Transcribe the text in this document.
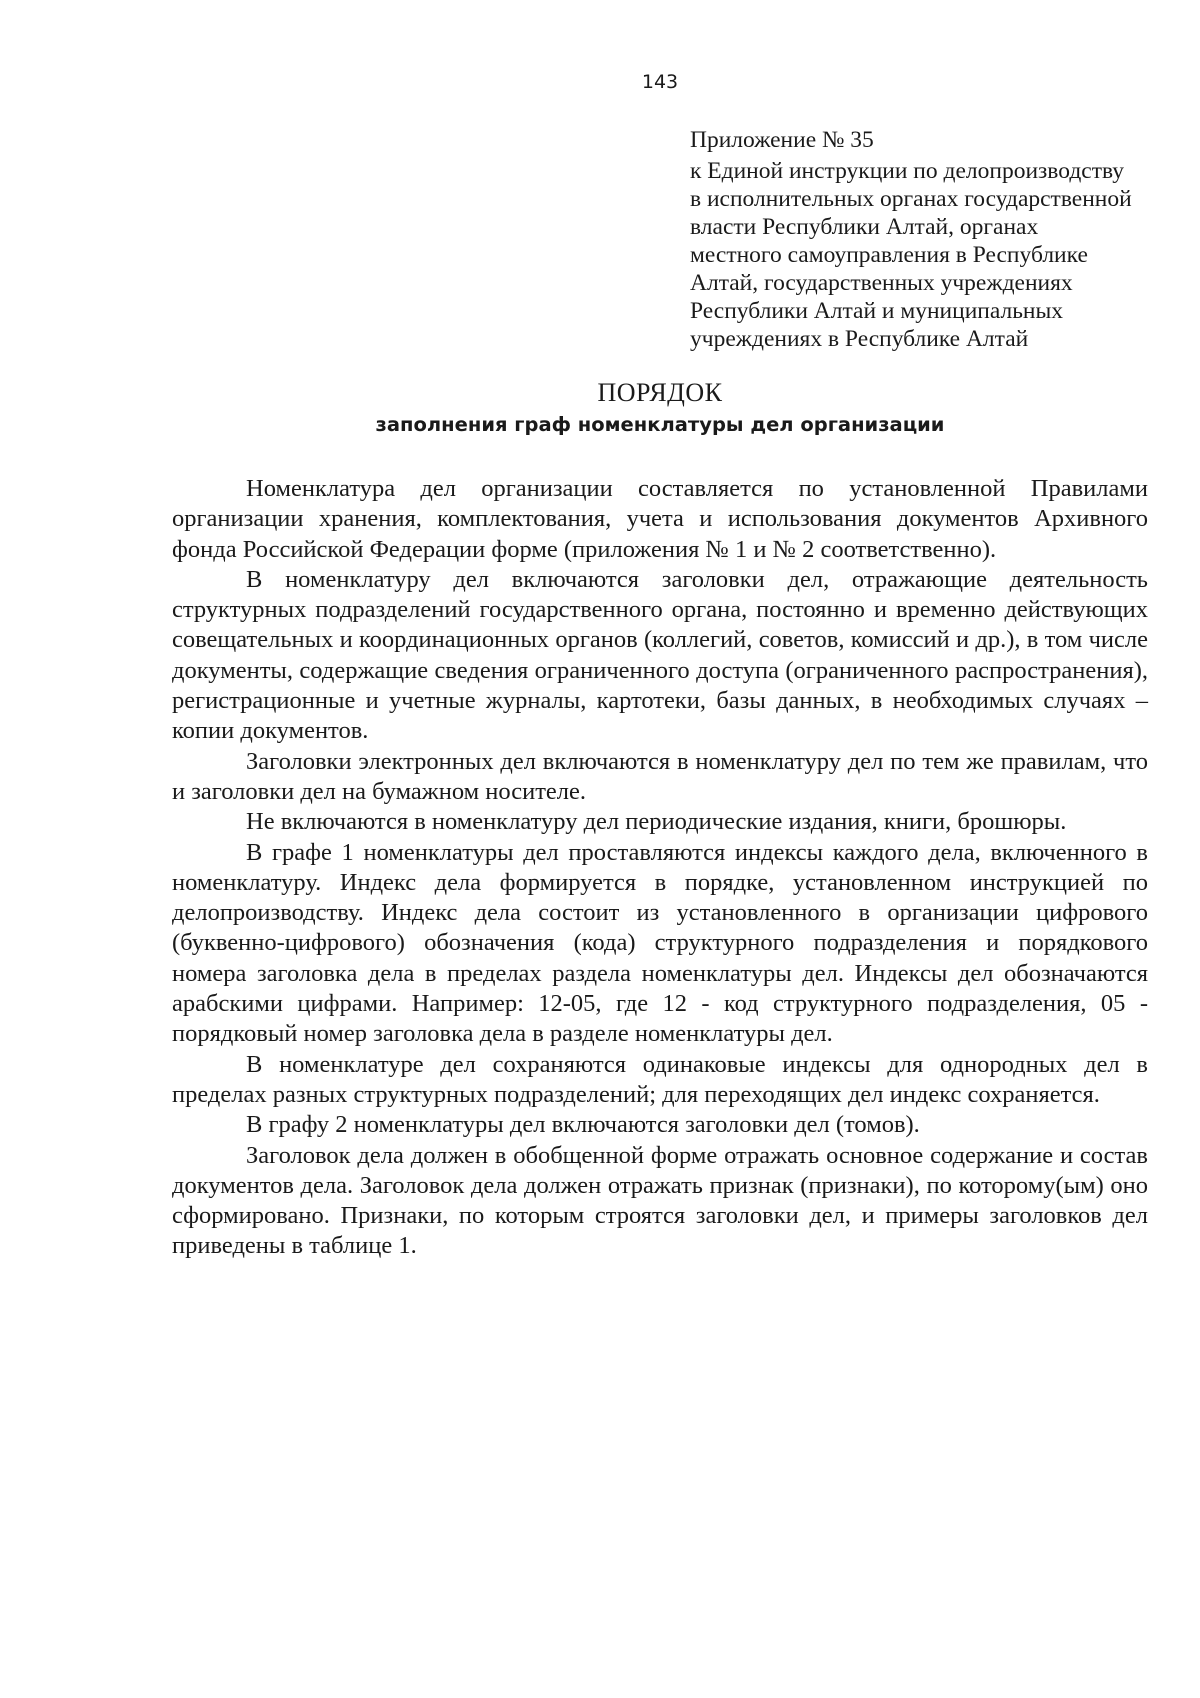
143
Приложение № 35
к Единой инструкции по делопроизводству
в исполнительных органах государственной
власти Республики Алтай, органах
местного самоуправления в Республике
Алтай, государственных учреждениях
Республики Алтай и муниципальных
учреждениях в Республике Алтай
ПОРЯДОК
заполнения граф номенклатуры дел организации

Номенклатура дел организации составляется по установленной Правилами организации хранения, комплектования, учета и использования документов Архивного фонда Российской Федерации форме (приложения № 1 и № 2 соответственно).

В номенклатуру дел включаются заголовки дел, отражающие деятельность структурных подразделений государственного органа, постоянно и временно действующих совещательных и координационных органов (коллегий, советов, комиссий и др.), в том числе документы, содержащие сведения ограниченного доступа (ограниченного распространения), регистрационные и учетные журналы, картотеки, базы данных, в необходимых случаях – копии документов.

Заголовки электронных дел включаются в номенклатуру дел по тем же правилам, что и заголовки дел на бумажном носителе.

Не включаются в номенклатуру дел периодические издания, книги, брошюры.

В графе 1 номенклатуры дел проставляются индексы каждого дела, включенного в номенклатуру. Индекс дела формируется в порядке, установленном инструкцией по делопроизводству. Индекс дела состоит из установленного в организации цифрового (буквенно-цифрового) обозначения (кода) структурного подразделения и порядкового номера заголовка дела в пределах раздела номенклатуры дел. Индексы дел обозначаются арабскими цифрами. Например: 12-05, где 12 - код структурного подразделения, 05 - порядковый номер заголовка дела в разделе номенклатуры дел.

В номенклатуре дел сохраняются одинаковые индексы для однородных дел в пределах разных структурных подразделений; для переходящих дел индекс сохраняется.

В графу 2 номенклатуры дел включаются заголовки дел (томов).

Заголовок дела должен в обобщенной форме отражать основное содержание и состав документов дела. Заголовок дела должен отражать признак (признаки), по которому(ым) оно сформировано. Признаки, по которым строятся заголовки дел, и примеры заголовков дел приведены в таблице 1.
